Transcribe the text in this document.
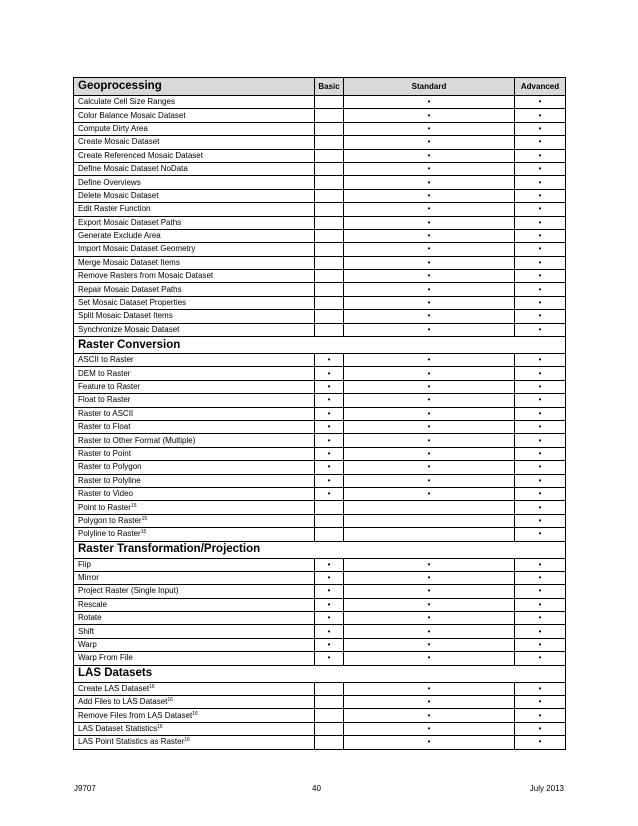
Geoprocessing	Basic	Standard	Advanced
Calculate Cell Size Ranges		•	•
Color Balance Mosaic Dataset		•	•
Compute Dirty Area		•	•
Create Mosaic Dataset		•	•
Create Referenced Mosaic Dataset		•	•
Define Mosaic Dataset NoData		•	•
Define Overviews		•	•
Delete Mosaic Dataset		•	•
Edit Raster Function		•	•
Export Mosaic Dataset Paths		•	•
Generate Exclude Area		•	•
Import Mosaic Dataset Geometry		•	•
Merge Mosaic Dataset Items		•	•
Remove Rasters from Mosaic Dataset		•	•
Repair Mosaic Dataset Paths		•	•
Set Mosaic Dataset Properties		•	•
Split Mosaic Dataset Items		•	•
Synchronize Mosaic Dataset		•	•
Raster Conversion			
ASCII to Raster	•	•	•
DEM to Raster	•	•	•
Feature to Raster	•	•	•
Float to Raster	•	•	•
Raster to ASCII	•	•	•
Raster to Float	•	•	•
Raster to Other Format (Multiple)	•	•	•
Raster to Point	•	•	•
Raster to Polygon	•	•	•
Raster to Polyline	•	•	•
Raster to Video	•	•	•
Point to Raster$^{15}$			•
Polygon to Raster$^{15}$			•
Polyline to Raster$^{15}$			•
Raster Transformation/Projection			
Flip	•	•	•
Mirror	•	•	•
Project Raster (Single Input)	•	•	•
Rescale	•	•	•
Rotate	•	•	•
Shift	•	•	•
Warp	•	•	•
Warp From File	•	•	•
LAS Datasets			
Create LAS Dataset$^{16}$		•	•
Add Files to LAS Dataset$^{16}$		•	•
Remove Files from LAS Dataset$^{16}$		•	•
LAS Dataset Statistics$^{16}$		•	•
LAS Point Statistics as Raster$^{16}$		•	•
J9707	40	July 2013
